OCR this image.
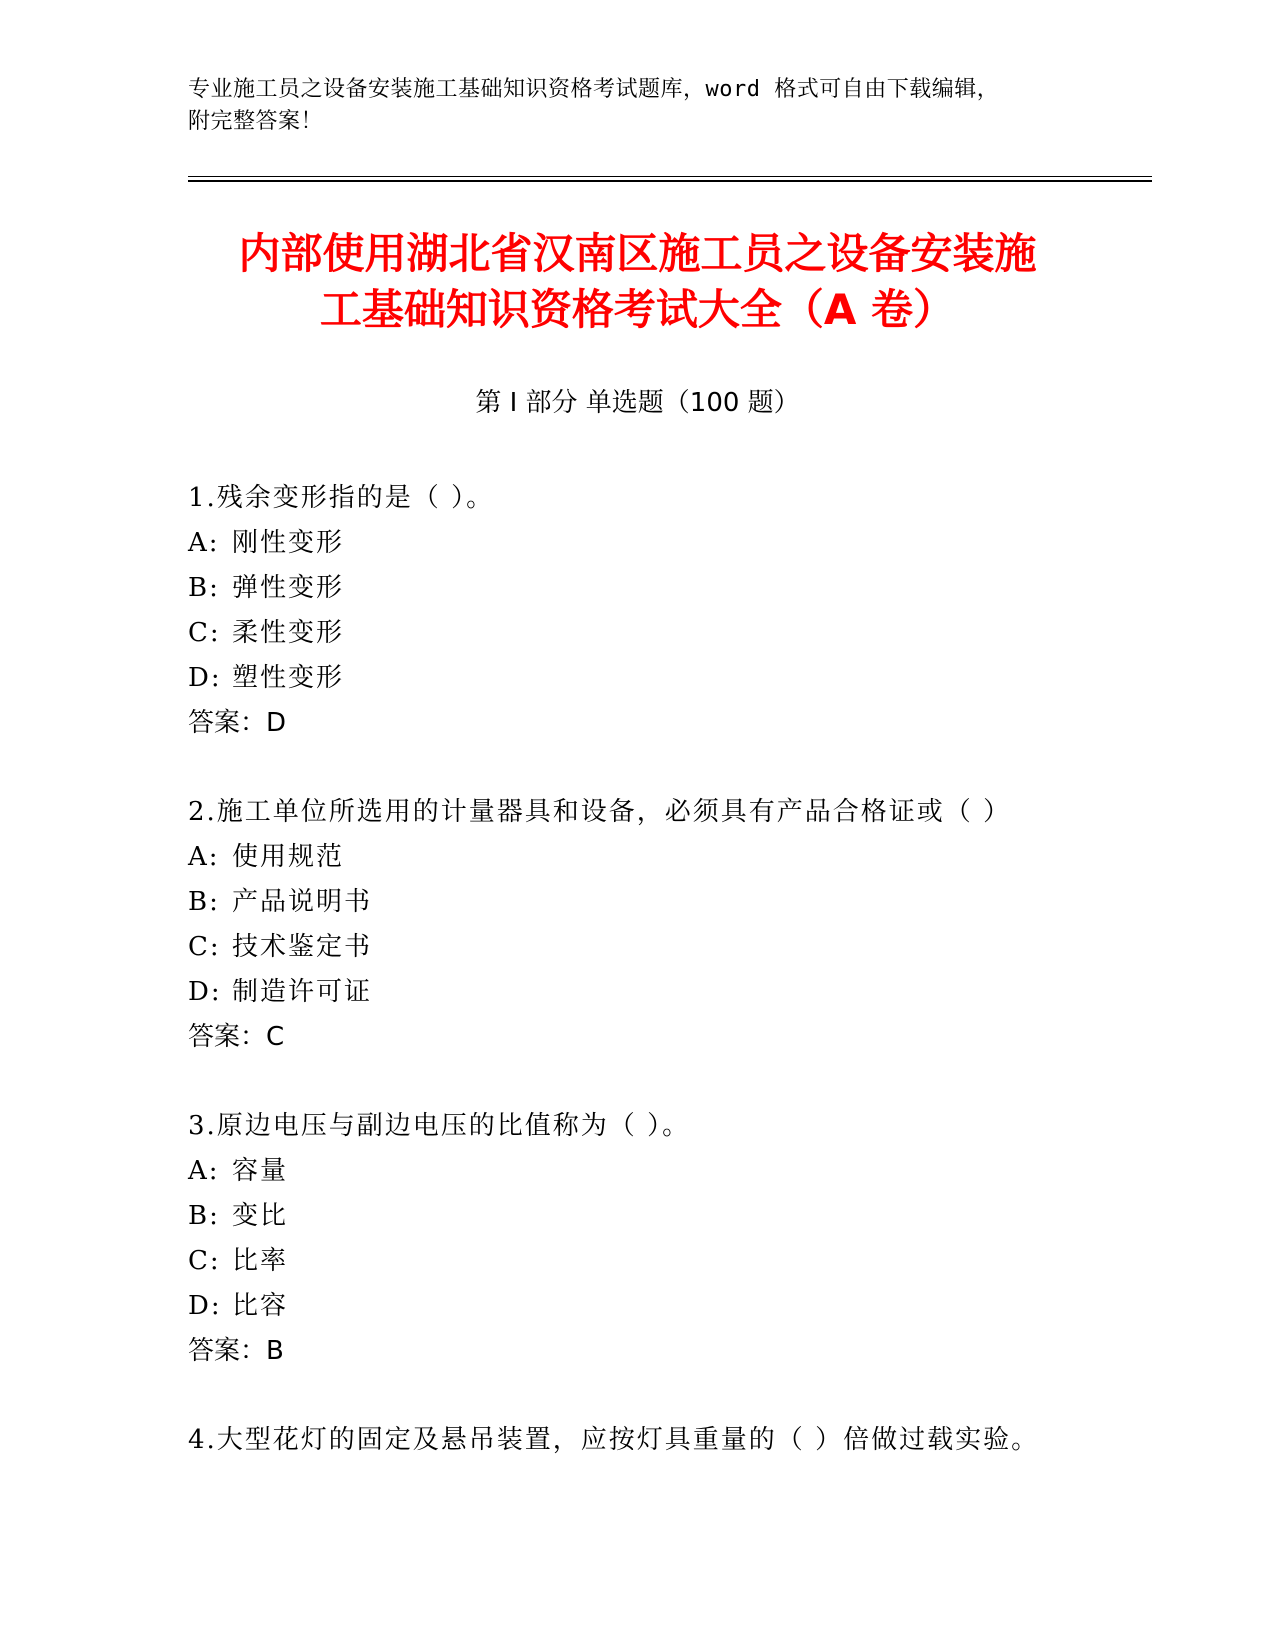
专业施工员之设备安装施工基础知识资格考试题库，word 格式可自由下载编辑，
附完整答案！
内部使用湖北省汉南区施工员之设备安装施
工基础知识资格考试大全（A 卷）
第 I 部分 单选题（100 题）
1.残余变形指的是（ ）。
A: 刚性变形
B: 弹性变形
C: 柔性变形
D: 塑性变形
答案：D
2.施工单位所选用的计量器具和设备，必须具有产品合格证或（ ）
A: 使用规范
B: 产品说明书
C: 技术鉴定书
D: 制造许可证
答案：C
3.原边电压与副边电压的比值称为（ ）。
A: 容量
B: 变比
C: 比率
D: 比容
答案：B
4.大型花灯的固定及悬吊装置，应按灯具重量的（ ）倍做过载实验。
